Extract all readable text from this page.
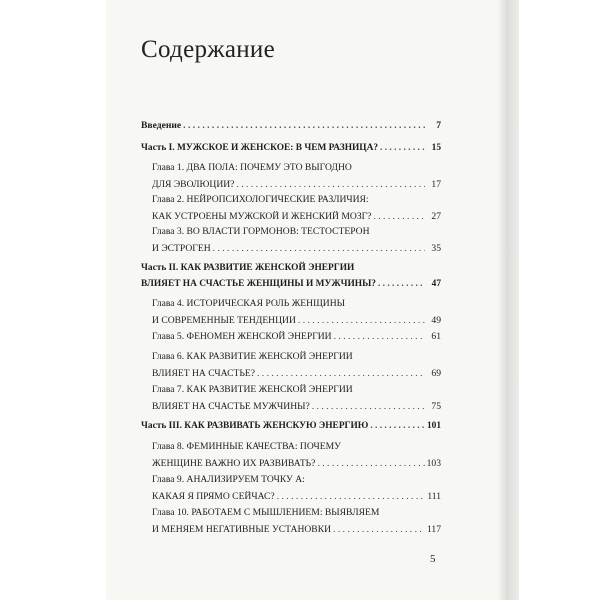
Содержание
Введение . . .	7
Часть I. МУЖСКОЕ И ЖЕНСКОЕ: В ЧЕМ РАЗНИЦА? . . .	15
Глава 1. ДВА ПОЛА: ПОЧЕМУ ЭТО ВЫГОДНО
ДЛЯ ЭВОЛЮЦИИ? . . .	17
Глава 2. НЕЙРОПСИХОЛОГИЧЕСКИЕ РАЗЛИЧИЯ:
КАК УСТРОЕНЫ МУЖСКОЙ И ЖЕНСКИЙ МОЗГ? . . .	27
Глава 3. ВО ВЛАСТИ ГОРМОНОВ: ТЕСТОСТЕРОН
И ЭСТРОГЕН . . .	35
Часть II. КАК РАЗВИТИЕ ЖЕНСКОЙ ЭНЕРГИИ
ВЛИЯЕТ НА СЧАСТЬЕ ЖЕНЩИНЫ И МУЖЧИНЫ? . . .	47
Глава 4. ИСТОРИЧЕСКАЯ РОЛЬ ЖЕНЩИНЫ
И СОВРЕМЕННЫЕ ТЕНДЕНЦИИ . . .	49
Глава 5. ФЕНОМЕН ЖЕНСКОЙ ЭНЕРГИИ . . .	61
Глава 6. КАК РАЗВИТИЕ ЖЕНСКОЙ ЭНЕРГИИ
ВЛИЯЕТ НА СЧАСТЬЕ? . . .	69
Глава 7. КАК РАЗВИТИЕ ЖЕНСКОЙ ЭНЕРГИИ
ВЛИЯЕТ НА СЧАСТЬЕ МУЖЧИНЫ? . . .	75
Часть III. КАК РАЗВИВАТЬ ЖЕНСКУЮ ЭНЕРГИЮ . . .	101
Глава 8. ФЕМИННЫЕ КАЧЕСТВА: ПОЧЕМУ
ЖЕНЩИНЕ ВАЖНО ИХ РАЗВИВАТЬ? . . .	103
Глава 9. АНАЛИЗИРУЕМ ТОЧКУ А:
КАКАЯ Я ПРЯМО СЕЙЧАС? . . .	111
Глава 10. РАБОТАЕМ С МЫШЛЕНИЕМ: ВЫЯВЛЯЕМ
И МЕНЯЕМ НЕГАТИВНЫЕ УСТАНОВКИ . . .	117
5
